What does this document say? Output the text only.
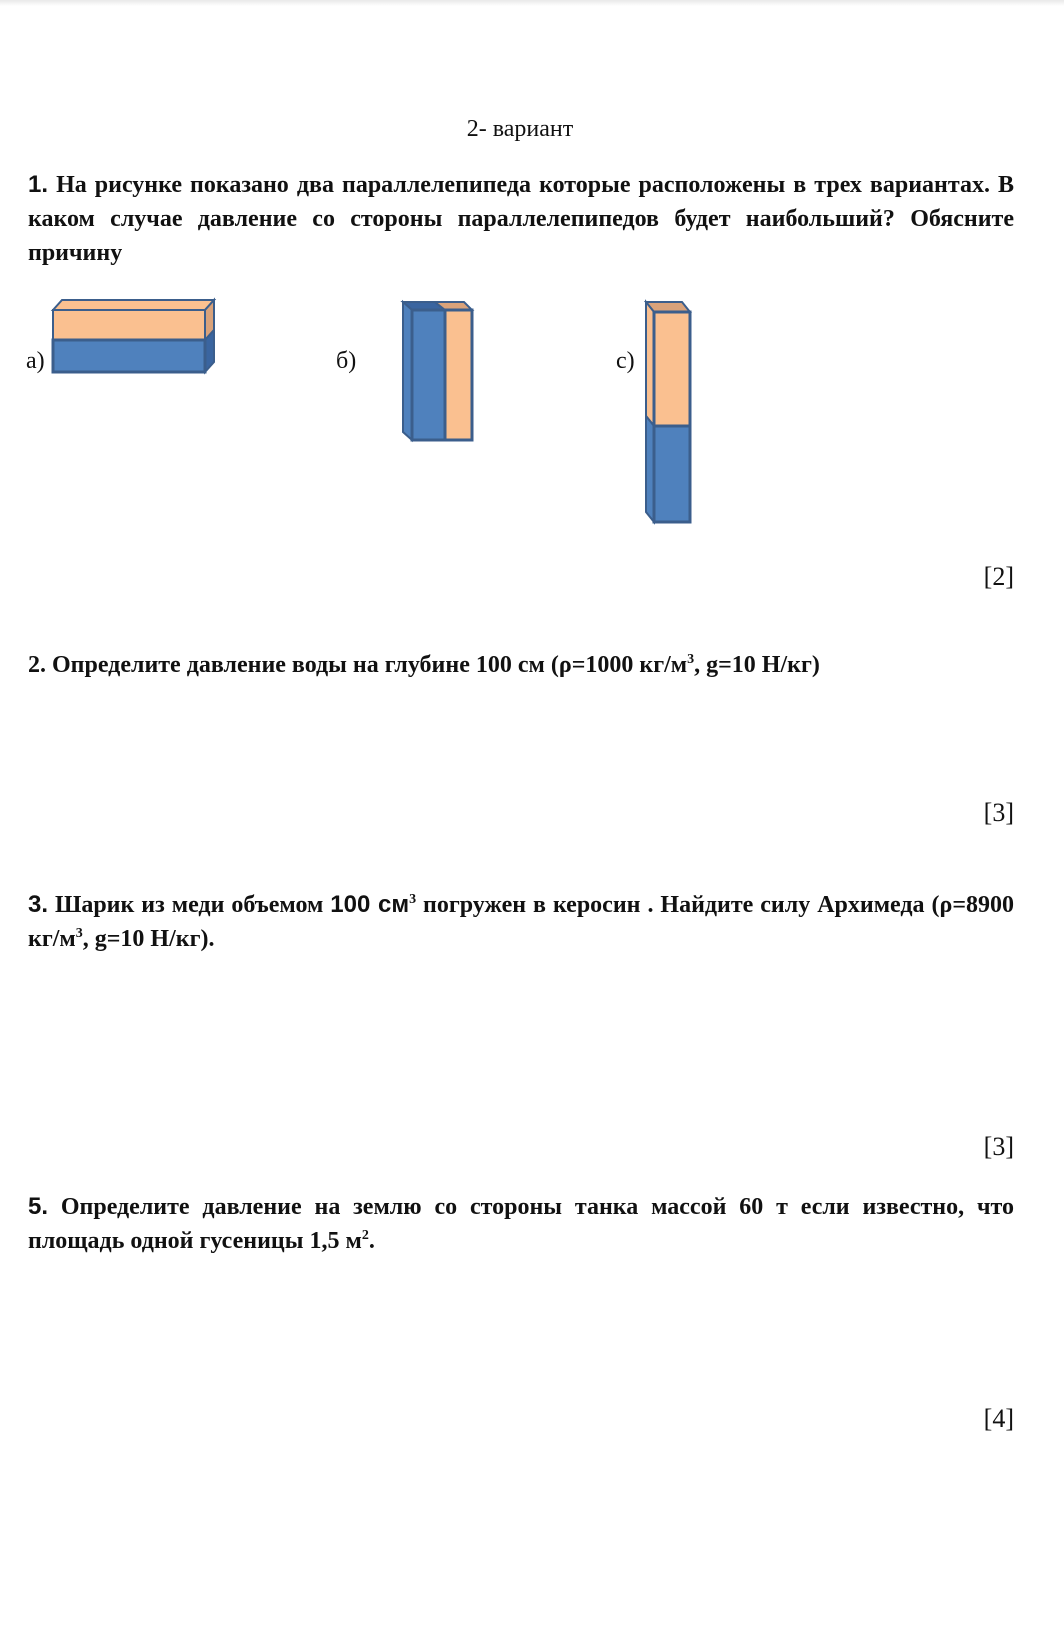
2- вариант
1. На рисунке показано два параллелепипеда которые расположены в трех вариантах. В каком случае давление со стороны параллелепипедов будет наибольший? Обясните причину
а)	б)	с)
[2]
2. Определите давление воды на глубине 100 см (ρ=1000 $кг/м^3$, g=10 Н/кг)
[3]
3. Шарик из меди объемом 100 $см^3$ погружен в керосин . Найдите силу Архимеда (ρ=8900 $кг/м^3$, g=10 Н/кг).
[3]
5. Определите давление на землю со стороны танка массой 60 т если известно, что площадь одной гусеницы 1,5 $м^2$.
[4]
